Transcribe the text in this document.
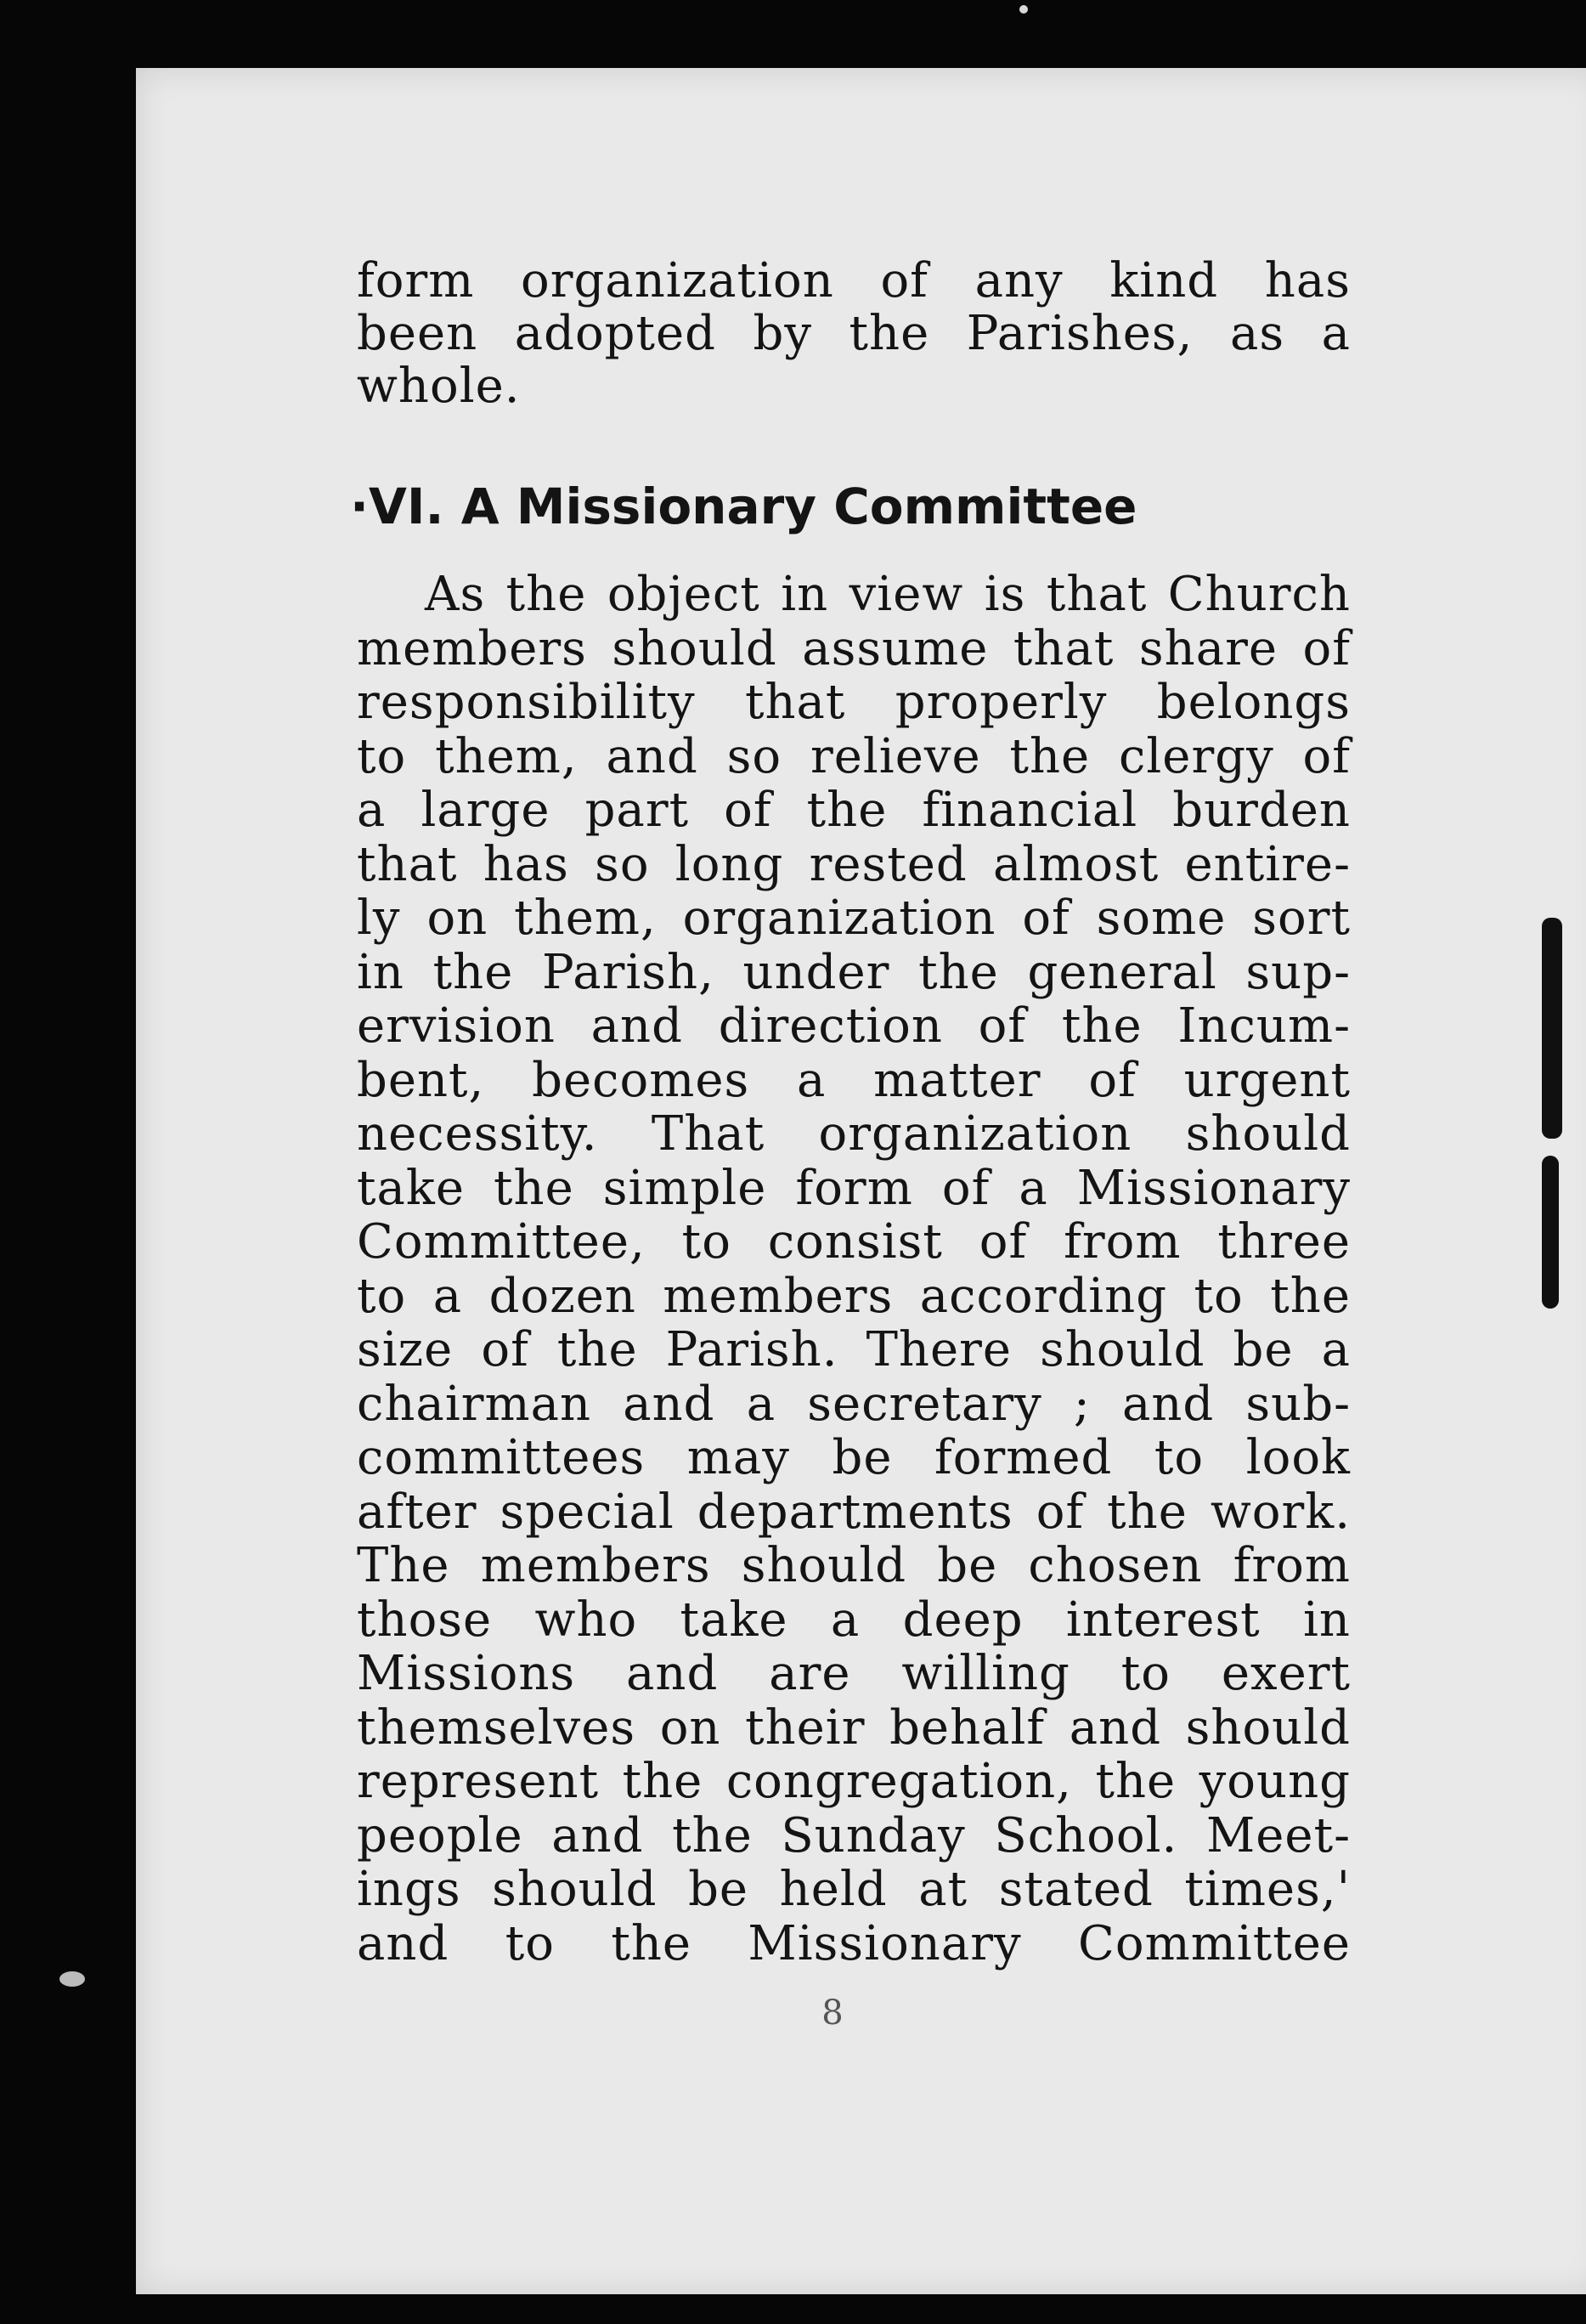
form organization of any kind has
been adopted by the Parishes, as a
whole.
·VI. A Missionary Committee
As the object in view is that Church
members should assume that share of
responsibility that properly belongs
to them, and so relieve the clergy of
a large part of the financial burden
that has so long rested almost entire-
ly on them, organization of some sort
in the Parish, under the general sup-
ervision and direction of the Incum-
bent, becomes a matter of urgent
necessity. That organization should
take the simple form of a Missionary
Committee, to consist of from three
to a dozen members according to the
size of the Parish. There should be a
chairman and a secretary ; and sub-
committees may be formed to look
after special departments of the work.
The members should be chosen from
those who take a deep interest in
Missions and are willing to exert
themselves on their behalf and should
represent the congregation, the young
people and the Sunday School. Meet-
ings should be held at stated times,'
and to the Missionary Committee
8
